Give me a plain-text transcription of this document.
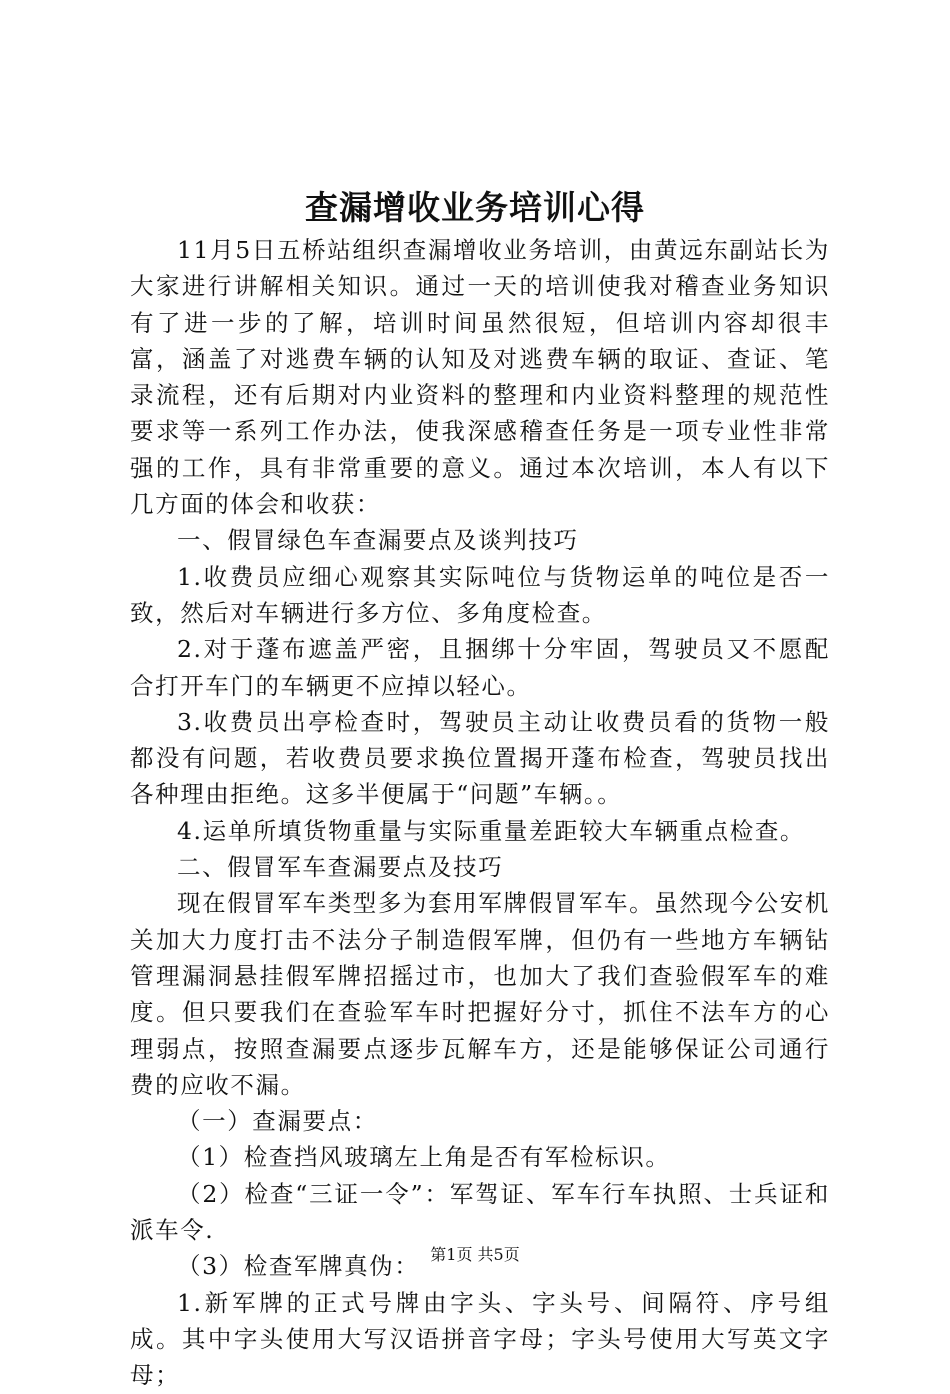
查漏增收业务培训心得

11月5日五桥站组织查漏增收业务培训，由黄远东副站长为大家进行讲解相关知识。通过一天的培训使我对稽查业务知识有了进一步的了解，培训时间虽然很短，但培训内容却很丰富，涵盖了对逃费车辆的认知及对逃费车辆的取证、查证、笔录流程，还有后期对内业资料的整理和内业资料整理的规范性要求等一系列工作办法，使我深感稽查任务是一项专业性非常强的工作，具有非常重要的意义。通过本次培训，本人有以下几方面的体会和收获：

一、假冒绿色车查漏要点及谈判技巧

1.收费员应细心观察其实际吨位与货物运单的吨位是否一致，然后对车辆进行多方位、多角度检查。

2.对于蓬布遮盖严密，且捆绑十分牢固，驾驶员又不愿配合打开车门的车辆更不应掉以轻心。

3.收费员出亭检查时，驾驶员主动让收费员看的货物一般都没有问题，若收费员要求换位置揭开蓬布检查，驾驶员找出各种理由拒绝。这多半便属于“问题”车辆。。

4.运单所填货物重量与实际重量差距较大车辆重点检查。

二、假冒军车查漏要点及技巧

现在假冒军车类型多为套用军牌假冒军车。虽然现今公安机关加大力度打击不法分子制造假军牌，但仍有一些地方车辆钻管理漏洞悬挂假军牌招摇过市，也加大了我们查验假军车的难度。但只要我们在查验军车时把握好分寸，抓住不法车方的心理弱点，按照查漏要点逐步瓦解车方，还是能够保证公司通行费的应收不漏。

（一）查漏要点：

（1）检查挡风玻璃左上角是否有军检标识。

（2）检查“三证一令”：军驾证、军车行车执照、士兵证和派车令.

（3）检查军牌真伪：

1.新军牌的正式号牌由字头、字头号、间隔符、序号组成。其中字头使用大写汉语拼音字母；字头号使用大写英文字母；

第1页 共5页
